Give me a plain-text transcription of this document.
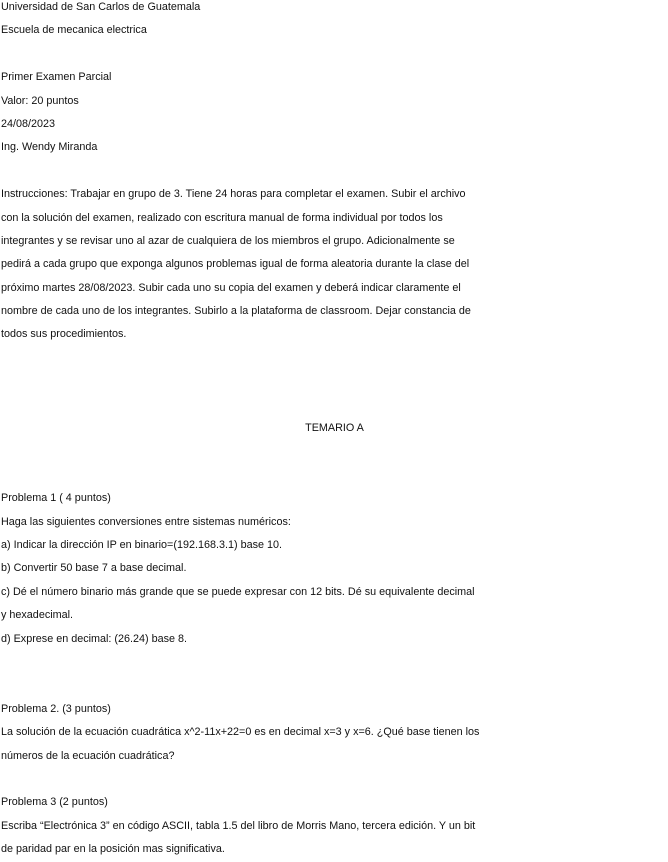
Universidad de San Carlos de Guatemala
Escuela de mecanica electrica
Primer Examen Parcial
Valor: 20 puntos
24/08/2023
Ing. Wendy Miranda
Instrucciones: Trabajar en grupo de 3. Tiene 24 horas para completar el examen. Subir el archivo
con la solución del examen, realizado con escritura manual de forma individual por todos los
integrantes y se revisar uno al azar de cualquiera de los miembros el grupo. Adicionalmente se
pedirá a cada grupo que exponga algunos problemas igual de forma aleatoria durante la clase del
próximo martes 28/08/2023. Subir cada uno su copia del examen y deberá indicar claramente el
nombre de cada uno de los integrantes. Subirlo a la plataforma de classroom. Dejar constancia de
todos sus procedimientos.
TEMARIO A
Problema 1 ( 4 puntos)
Haga las siguientes conversiones entre sistemas numéricos:
a) Indicar la dirección IP en binario=(192.168.3.1) base 10.
b) Convertir 50 base 7 a base decimal.
c) Dé el número binario más grande que se puede expresar con 12 bits. Dé su equivalente decimal
y hexadecimal.
d) Exprese en decimal: (26.24) base 8.
Problema 2. (3 puntos)
La solución de la ecuación cuadrática x^2-11x+22=0 es en decimal x=3 y x=6. ¿Qué base tienen los
números de la ecuación cuadrática?
Problema 3 (2 puntos)
Escriba “Electrónica 3” en código ASCII, tabla 1.5 del libro de Morris Mano, tercera edición. Y un bit
de paridad par en la posición mas significativa.
